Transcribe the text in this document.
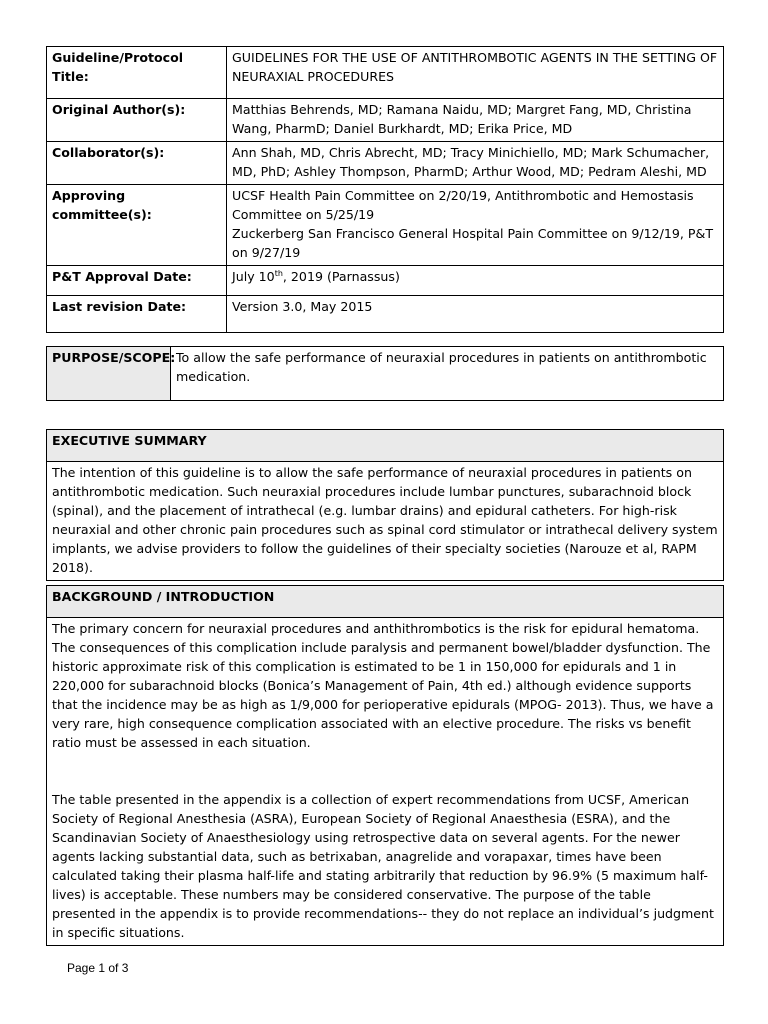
Guideline/Protocol Title:	GUIDELINES FOR THE USE OF ANTITHROMBOTIC AGENTS IN THE SETTING OF NEURAXIAL PROCEDURES
Original Author(s):	Matthias Behrends, MD; Ramana Naidu, MD; Margret Fang, MD, Christina Wang, PharmD; Daniel Burkhardt, MD; Erika Price, MD
Collaborator(s):	Ann Shah, MD, Chris Abrecht, MD; Tracy Minichiello, MD; Mark Schumacher, MD, PhD; Ashley Thompson, PharmD; Arthur Wood, MD; Pedram Aleshi, MD
Approving committee(s):	UCSF Health Pain Committee on 2/20/19, Antithrombotic and Hemostasis Committee on 5/25/19

Zuckerberg San Francisco General Hospital Pain Committee on 9/12/19, P&T on 9/27/19

P&T Approval Date:	July 10th, 2019 (Parnassus)
Last revision Date:	Version 3.0, May 2015
PURPOSE/SCOPE:	To allow the safe performance of neuraxial procedures in patients on antithrombotic medication.
EXECUTIVE SUMMARY
The intention of this guideline is to allow the safe performance of neuraxial procedures in patients on antithrombotic medication. Such neuraxial procedures include lumbar punctures, subarachnoid block (spinal), and the placement of intrathecal (e.g. lumbar drains) and epidural catheters. For high-risk neuraxial and other chronic pain procedures such as spinal cord stimulator or intrathecal delivery system implants, we advise providers to follow the guidelines of their specialty societies (Narouze et al, RAPM 2018).
BACKGROUND / INTRODUCTION

The primary concern for neuraxial procedures and anthithrombotics is the risk for epidural hematoma. The consequences of this complication include paralysis and permanent bowel/bladder dysfunction. The historic approximate risk of this complication is estimated to be 1 in 150,000 for epidurals and 1 in 220,000 for subarachnoid blocks (Bonica’s Management of Pain, 4th ed.) although evidence supports that the incidence may be as high as 1/9,000 for perioperative epidurals (MPOG- 2013). Thus, we have a very rare, high consequence complication associated with an elective procedure. The risks vs benefit ratio must be assessed in each situation.

The table presented in the appendix is a collection of expert recommendations from UCSF, American Society of Regional Anesthesia (ASRA), European Society of Regional Anaesthesia (ESRA), and the Scandinavian Society of Anaesthesiology using retrospective data on several agents. For the newer agents lacking substantial data, such as betrixaban, anagrelide and vorapaxar, times have been calculated taking their plasma half-life and stating arbitrarily that reduction by 96.9% (5 maximum half-lives) is acceptable. These numbers may be considered conservative. The purpose of the table presented in the appendix is to provide recommendations-- they do not replace an individual’s judgment in specific situations.

Page 1 of 3
